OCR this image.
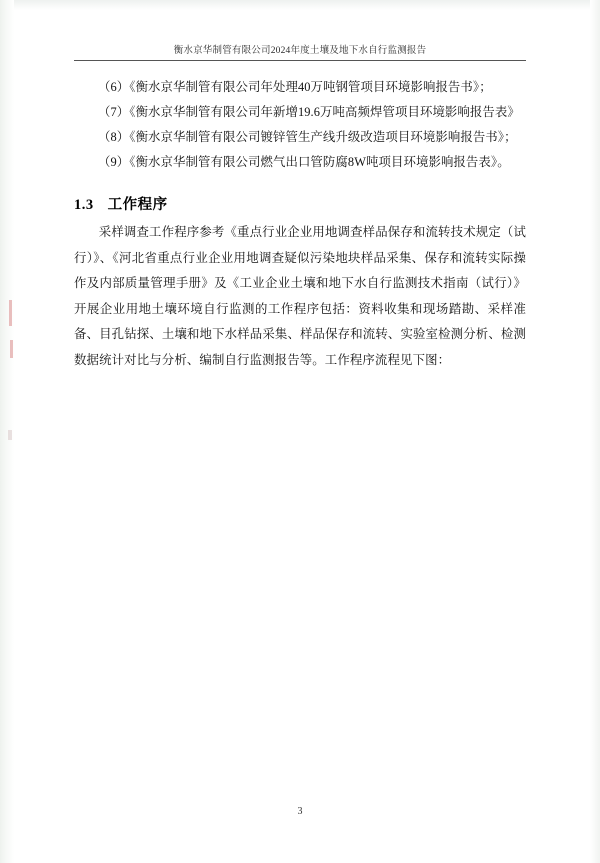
衡水京华制管有限公司2024年度土壤及地下水自行监测报告
（6）《衡水京华制管有限公司年处理40万吨钢管项目环境影响报告书》；
（7）《衡水京华制管有限公司年新增19.6万吨高频焊管项目环境影响报告表》
（8）《衡水京华制管有限公司镀锌管生产线升级改造项目环境影响报告书》；
（9）《衡水京华制管有限公司燃气出口管防腐8W吨项目环境影响报告表》。
1.3 工作程序
采样调查工作程序参考《重点行业企业用地调查样品保存和流转技术规定（试行）》、《河北省重点行业企业用地调查疑似污染地块样品采集、保存和流转实际操作及内部质量管理手册》及《工业企业土壤和地下水自行监测技术指南（试行）》开展企业用地土壤环境自行监测的工作程序包括：资料收集和现场踏勘、采样准备、目孔钻探、土壤和地下水样品采集、样品保存和流转、实验室检测分析、检测数据统计对比与分析、编制自行监测报告等。工作程序流程见下图：
3
